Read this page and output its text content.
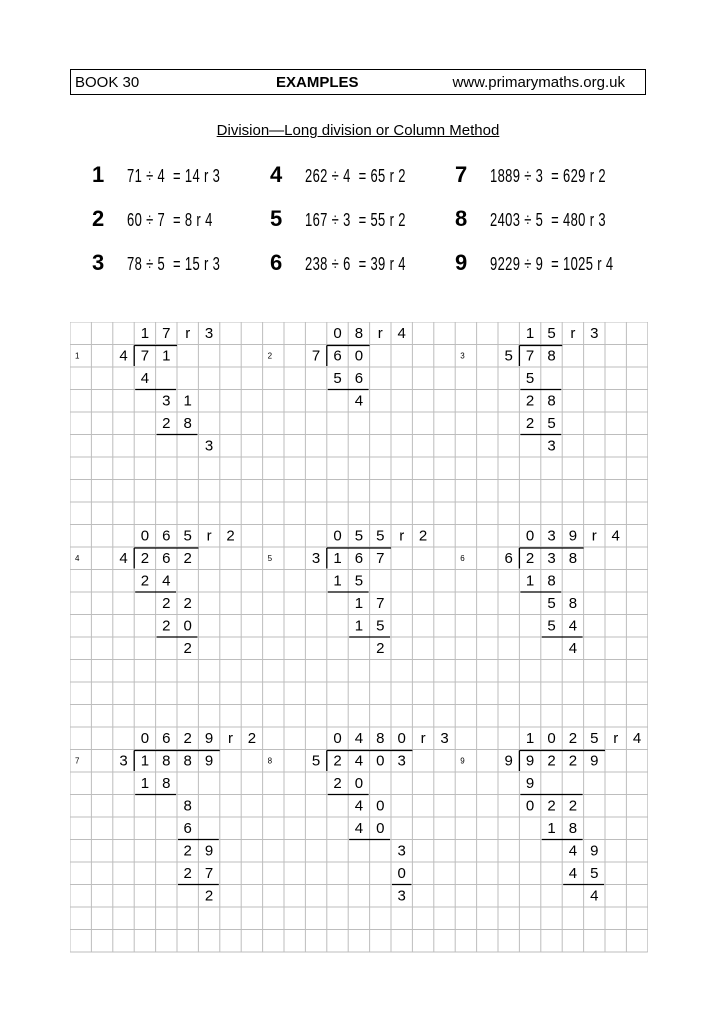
BOOK 30	EXAMPLES	www.primarymaths.org.uk
Division—Long division or Column Method
1 71 ÷ 4  = 14 r 3
2 60 ÷ 7  = 8 r 4
3 78 ÷ 5  = 15 r 3
4 262 ÷ 4  = 65 r 2
5 167 ÷ 3  = 55 r 2
6 238 ÷ 6  = 39 r 4
7 1889 ÷ 3  = 629 r 2
8 2403 ÷ 5  = 480 r 3
9 9229 ÷ 9  = 1025 r 4
1	4
1 7 r 3
7 1
4
3 1
2 8
3
2	7
0 8 r 4
6 0
5 6
4
3	5
1 5 r 3
7 8
5
2 8
2 5
3
4	4
0 6 5 r 2
2 6 2
2 4
2 2
2 0
2
5	3
0 5 5 r 2
1 6 7
1 5
1 7
1 5
2
6	6
0 3 9 r 4
2 3 8
1 8
5 8
5 4
4
7	3
0 6 2 9 r 2
1 8 8 9
1 8
8
6
2 9
2 7
2
8	5
0 4 8 0 r 3
2 4 0 3
2 0
4 0
4 0
3
0
3
9	9
1 0 2 5 r 4
9 2 2 9
9
0 2 2
1 8
4 9
4 5
4
